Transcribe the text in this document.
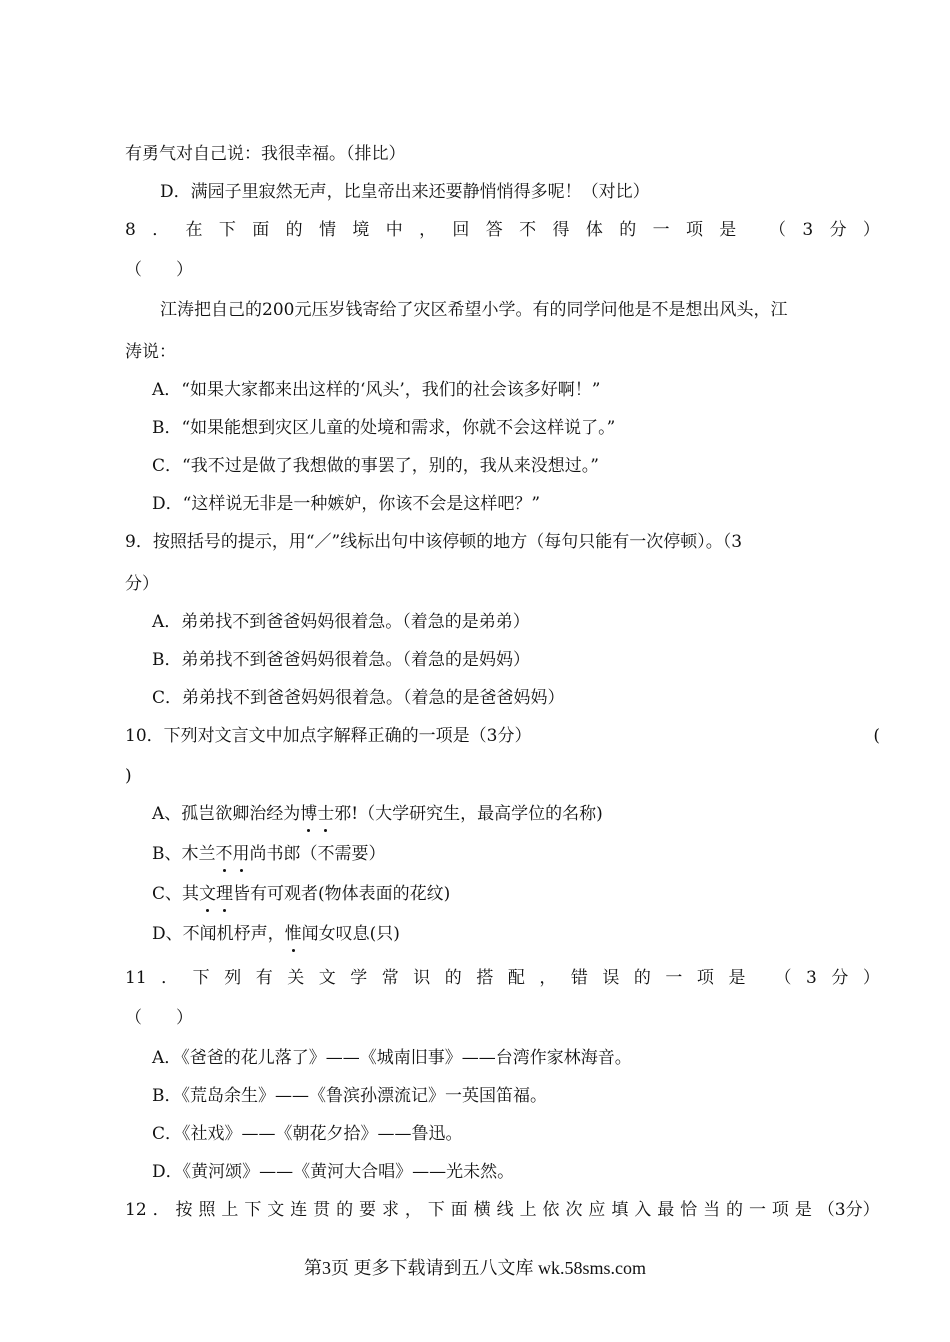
有勇气对自己说：我很幸福。（排比）
D．满园子里寂然无声，比皇帝出来还要静悄悄得多呢！（对比）
8 ． 在 下 面 的 情 境 中 ， 回 答 不 得 体 的 一 项 是 （ 3 分 ）
（　　）
江涛把自己的200元压岁钱寄给了灾区希望小学。有的同学问他是不是想出风头，江
涛说：
A．“如果大家都来出这样的‘风头’，我们的社会该多好啊！”
B．“如果能想到灾区儿童的处境和需求，你就不会这样说了。”
C．“我不过是做了我想做的事罢了，别的，我从来没想过。”
D．“这样说无非是一种嫉妒，你该不会是这样吧？”
9．按照括号的提示，用“／”线标出句中该停顿的地方（每句只能有一次停顿）。（3
分）
A．弟弟找不到爸爸妈妈很着急。（着急的是弟弟）
B．弟弟找不到爸爸妈妈很着急。（着急的是妈妈）
C．弟弟找不到爸爸妈妈很着急。（着急的是爸爸妈妈）
10．下列对文言文中加点字解释正确的一项是（3分）	(
)
A、孤岂欲卿治经为博士邪!（大学研究生，最高学位的名称)
B、木兰不用尚书郎（不需要）
C、其文理皆有可观者(物体表面的花纹)
D、不闻机杼声，惟闻女叹息(只)
11 ． 下 列 有 关 文 学 常 识 的 搭 配 ， 错 误 的 一 项 是 （ 3 分 ）
（　　）
A．《爸爸的花儿落了》——《城南旧事》——台湾作家林海音。
B．《荒岛余生》——《鲁滨孙漂流记》一英国笛福。
C．《社戏》——《朝花夕拾》——鲁迅。
D．《黄河颂》——《黄河大合唱》——光未然。
12 ． 按 照 上 下 文 连 贯 的 要 求 ， 下 面 横 线 上 依 次 应 填 入 最 恰 当 的 一 项 是 （3分）
第3页 更多下载请到五八文库 wk.58sms.com
